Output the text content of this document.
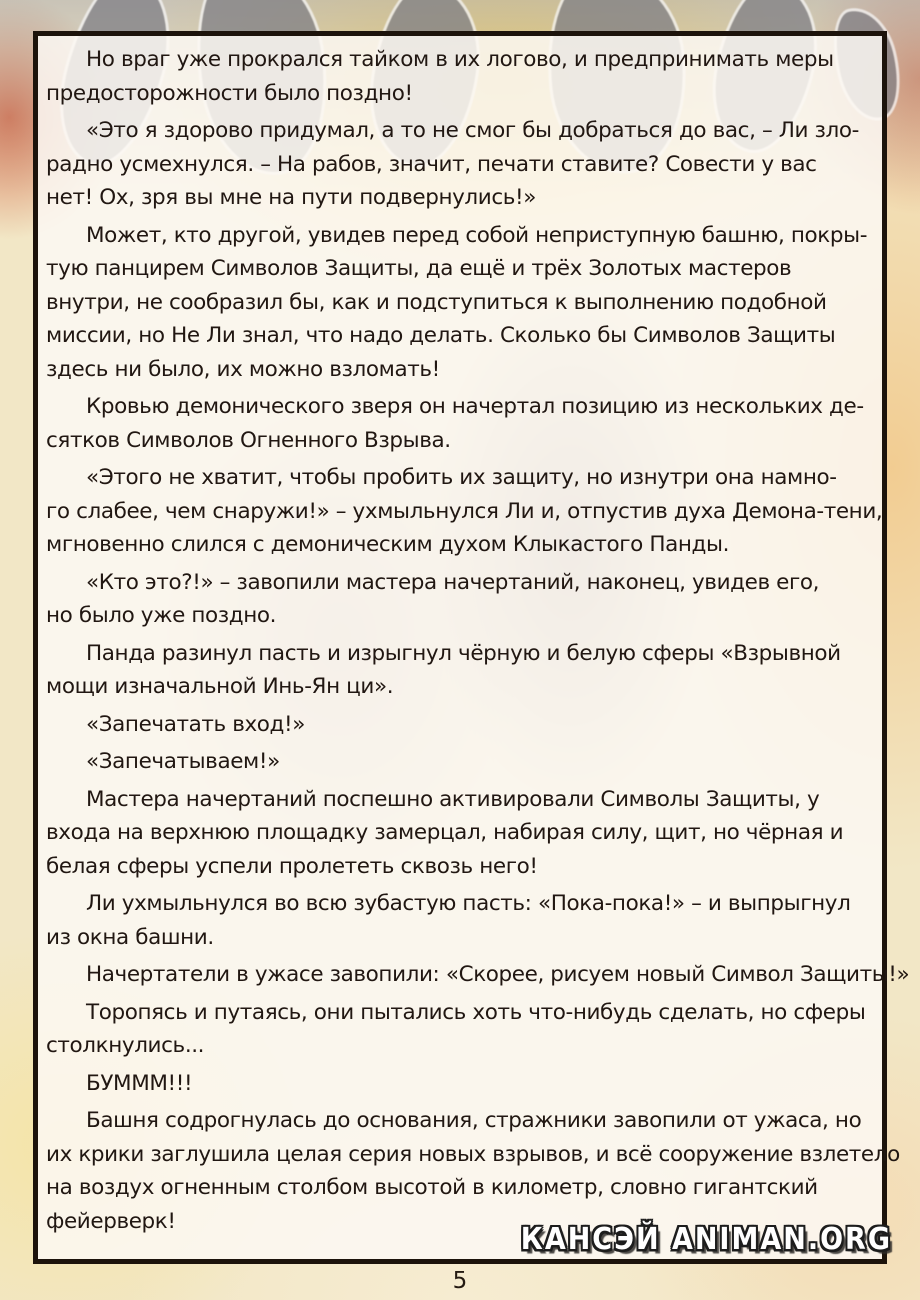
Но враг уже прокрался тайком в их логово, и предпринимать меры
предосторожности было поздно!
«Это я здорово придумал, а то не смог бы добраться до вас, – Ли зло-
радно усмехнулся. – На рабов, значит, печати ставите? Совести у вас
нет! Ох, зря вы мне на пути подвернулись!»
Может, кто другой, увидев перед собой неприступную башню, покры-
тую панцирем Символов Защиты, да ещё и трёх Золотых мастеров
внутри, не сообразил бы, как и подступиться к выполнению подобной
миссии, но Не Ли знал, что надо делать. Сколько бы Символов Защиты
здесь ни было, их можно взломать!
Кровью демонического зверя он начертал позицию из нескольких де-
сятков Символов Огненного Взрыва.
«Этого не хватит, чтобы пробить их защиту, но изнутри она намно-
го слабее, чем снаружи!» – ухмыльнулся Ли и, отпустив духа Демона-тени,
мгновенно слился с демоническим духом Клыкастого Панды.
«Кто это?!» – завопили мастера начертаний, наконец, увидев его,
но было уже поздно.
Панда разинул пасть и изрыгнул чёрную и белую сферы «Взрывной
мощи изначальной Инь-Ян ци».
«Запечатать вход!»
«Запечатываем!»
Мастера начертаний поспешно активировали Символы Защиты, у
входа на верхнюю площадку замерцал, набирая силу, щит, но чёрная и
белая сферы успели пролететь сквозь него!
Ли ухмыльнулся во всю зубастую пасть: «Пока-пока!» – и выпрыгнул
из окна башни.
Начертатели в ужасе завопили: «Скорее, рисуем новый Символ Защиты!»
Торопясь и путаясь, они пытались хоть что-нибудь сделать, но сферы
столкнулись...
БУМММ!!!
Башня содрогнулась до основания, стражники завопили от ужаса, но
их крики заглушила целая серия новых взрывов, и всё сооружение взлетело
на воздух огненным столбом высотой в километр, словно гигантский
фейерверк!
КАНСЭЙ ANIMAN.ORG
5
